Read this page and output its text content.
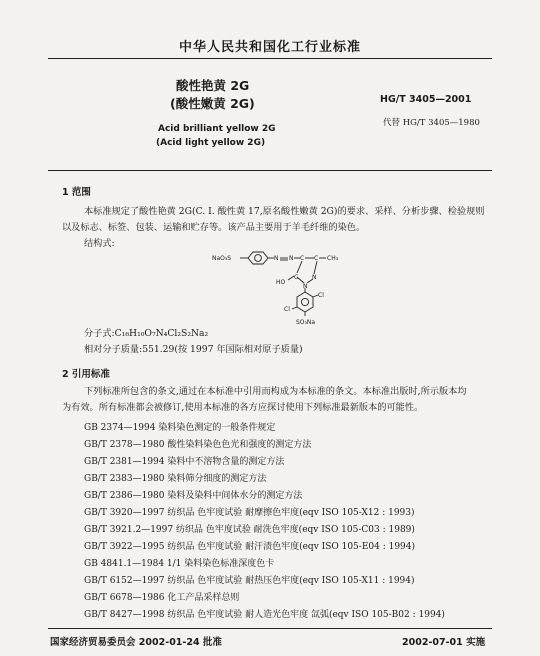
中华人民共和国化工行业标准
酸性艳黄 2G
(酸性嫩黄 2G)	HG/T 3405—2001
代替 HG/T 3405—1980
Acid brilliant yellow 2G
(Acid light yellow 2G)
1 范围
本标准规定了酸性艳黄 2G(C. I. 酸性黄 17,原名酸性嫩黄 2G)的要求、采样、分析步骤、检验规则
以及标志、标签、包装、运输和贮存等。该产品主要用于羊毛纤维的染色。
结构式:
NaO₃S	N N C C CH₃
C N
N
HO
Cl
Cl
SO₃Na
分子式:C₁₆H₁₀O₇N₄Cl₂S₂Na₂
相对分子质量:551.29(按 1997 年国际相对原子质量)
2 引用标准
下列标准所包含的条文,通过在本标准中引用而构成为本标准的条文。本标准出版时,所示版本均
为有效。所有标准都会被修订,使用本标准的各方应探讨使用下列标准最新版本的可能性。
GB 2374—1994 染料染色测定的一般条件规定
GB/T 2378—1980 酸性染料染色色光和强度的测定方法
GB/T 2381—1994 染料中不溶物含量的测定方法
GB/T 2383—1980 染料筛分细度的测定方法
GB/T 2386—1980 染料及染料中间体水分的测定方法
GB/T 3920—1997 纺织品 色牢度试验 耐摩擦色牢度(eqv ISO 105-X12 : 1993)
GB/T 3921.2—1997 纺织品 色牢度试验 耐洗色牢度(eqv ISO 105-C03 : 1989)
GB/T 3922—1995 纺织品 色牢度试验 耐汗渍色牢度(eqv ISO 105-E04 : 1994)
GB 4841.1—1984 1/1 染料染色标准深度色卡
GB/T 6152—1997 纺织品 色牢度试验 耐热压色牢度(eqv ISO 105-X11 : 1994)
GB/T 6678—1986 化工产品采样总则
GB/T 8427—1998 纺织品 色牢度试验 耐人造光色牢度 氙弧(eqv ISO 105-B02 : 1994)
国家经济贸易委员会 2002-01-24 批准	2002-07-01 实施
